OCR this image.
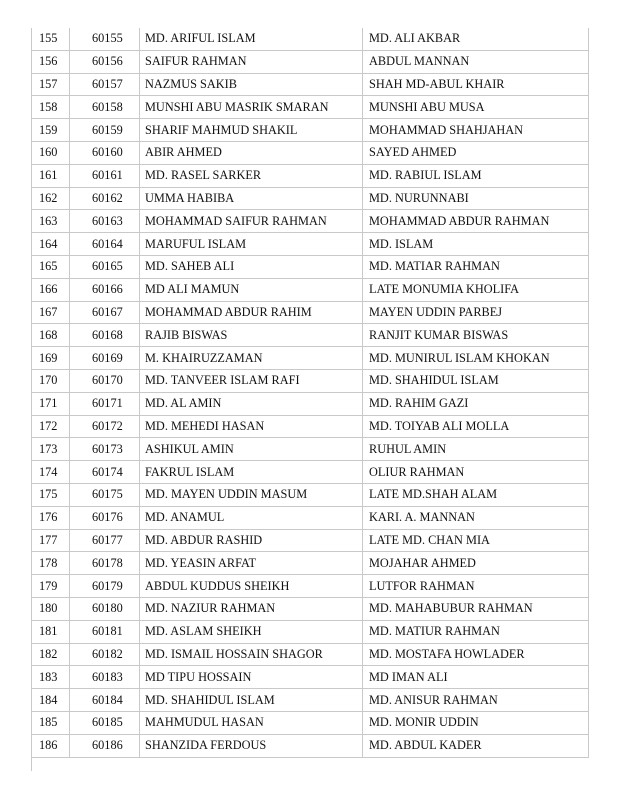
155	60155	MD. ARIFUL ISLAM	MD. ALI AKBAR
156	60156	SAIFUR RAHMAN	ABDUL MANNAN
157	60157	NAZMUS SAKIB	SHAH MD-ABUL KHAIR
158	60158	MUNSHI ABU MASRIK SMARAN	MUNSHI ABU MUSA
159	60159	SHARIF MAHMUD SHAKIL	MOHAMMAD SHAHJAHAN
160	60160	ABIR AHMED	SAYED AHMED
161	60161	MD. RASEL SARKER	MD. RABIUL ISLAM
162	60162	UMMA HABIBA	MD. NURUNNABI
163	60163	MOHAMMAD SAIFUR RAHMAN	MOHAMMAD ABDUR RAHMAN
164	60164	MARUFUL ISLAM	MD. ISLAM
165	60165	MD. SAHEB ALI	MD. MATIAR RAHMAN
166	60166	MD ALI MAMUN	LATE MONUMIA KHOLIFA
167	60167	MOHAMMAD ABDUR RAHIM	MAYEN UDDIN PARBEJ
168	60168	RAJIB BISWAS	RANJIT KUMAR BISWAS
169	60169	M. KHAIRUZZAMAN	MD. MUNIRUL ISLAM KHOKAN
170	60170	MD. TANVEER ISLAM RAFI	MD. SHAHIDUL ISLAM
171	60171	MD. AL AMIN	MD. RAHIM GAZI
172	60172	MD. MEHEDI HASAN	MD. TOIYAB ALI MOLLA
173	60173	ASHIKUL AMIN	RUHUL AMIN
174	60174	FAKRUL ISLAM	OLIUR RAHMAN
175	60175	MD. MAYEN UDDIN MASUM	LATE MD.SHAH ALAM
176	60176	MD. ANAMUL	KARI. A. MANNAN
177	60177	MD. ABDUR RASHID	LATE MD. CHAN MIA
178	60178	MD. YEASIN ARFAT	MOJAHAR AHMED
179	60179	ABDUL KUDDUS SHEIKH	LUTFOR RAHMAN
180	60180	MD. NAZIUR RAHMAN	MD. MAHABUBUR RAHMAN
181	60181	MD. ASLAM SHEIKH	MD. MATIUR RAHMAN
182	60182	MD. ISMAIL HOSSAIN SHAGOR	MD. MOSTAFA HOWLADER
183	60183	MD TIPU HOSSAIN	MD IMAN ALI
184	60184	MD. SHAHIDUL ISLAM	MD. ANISUR RAHMAN
185	60185	MAHMUDUL HASAN	MD. MONIR UDDIN
186	60186	SHANZIDA FERDOUS	MD. ABDUL KADER
